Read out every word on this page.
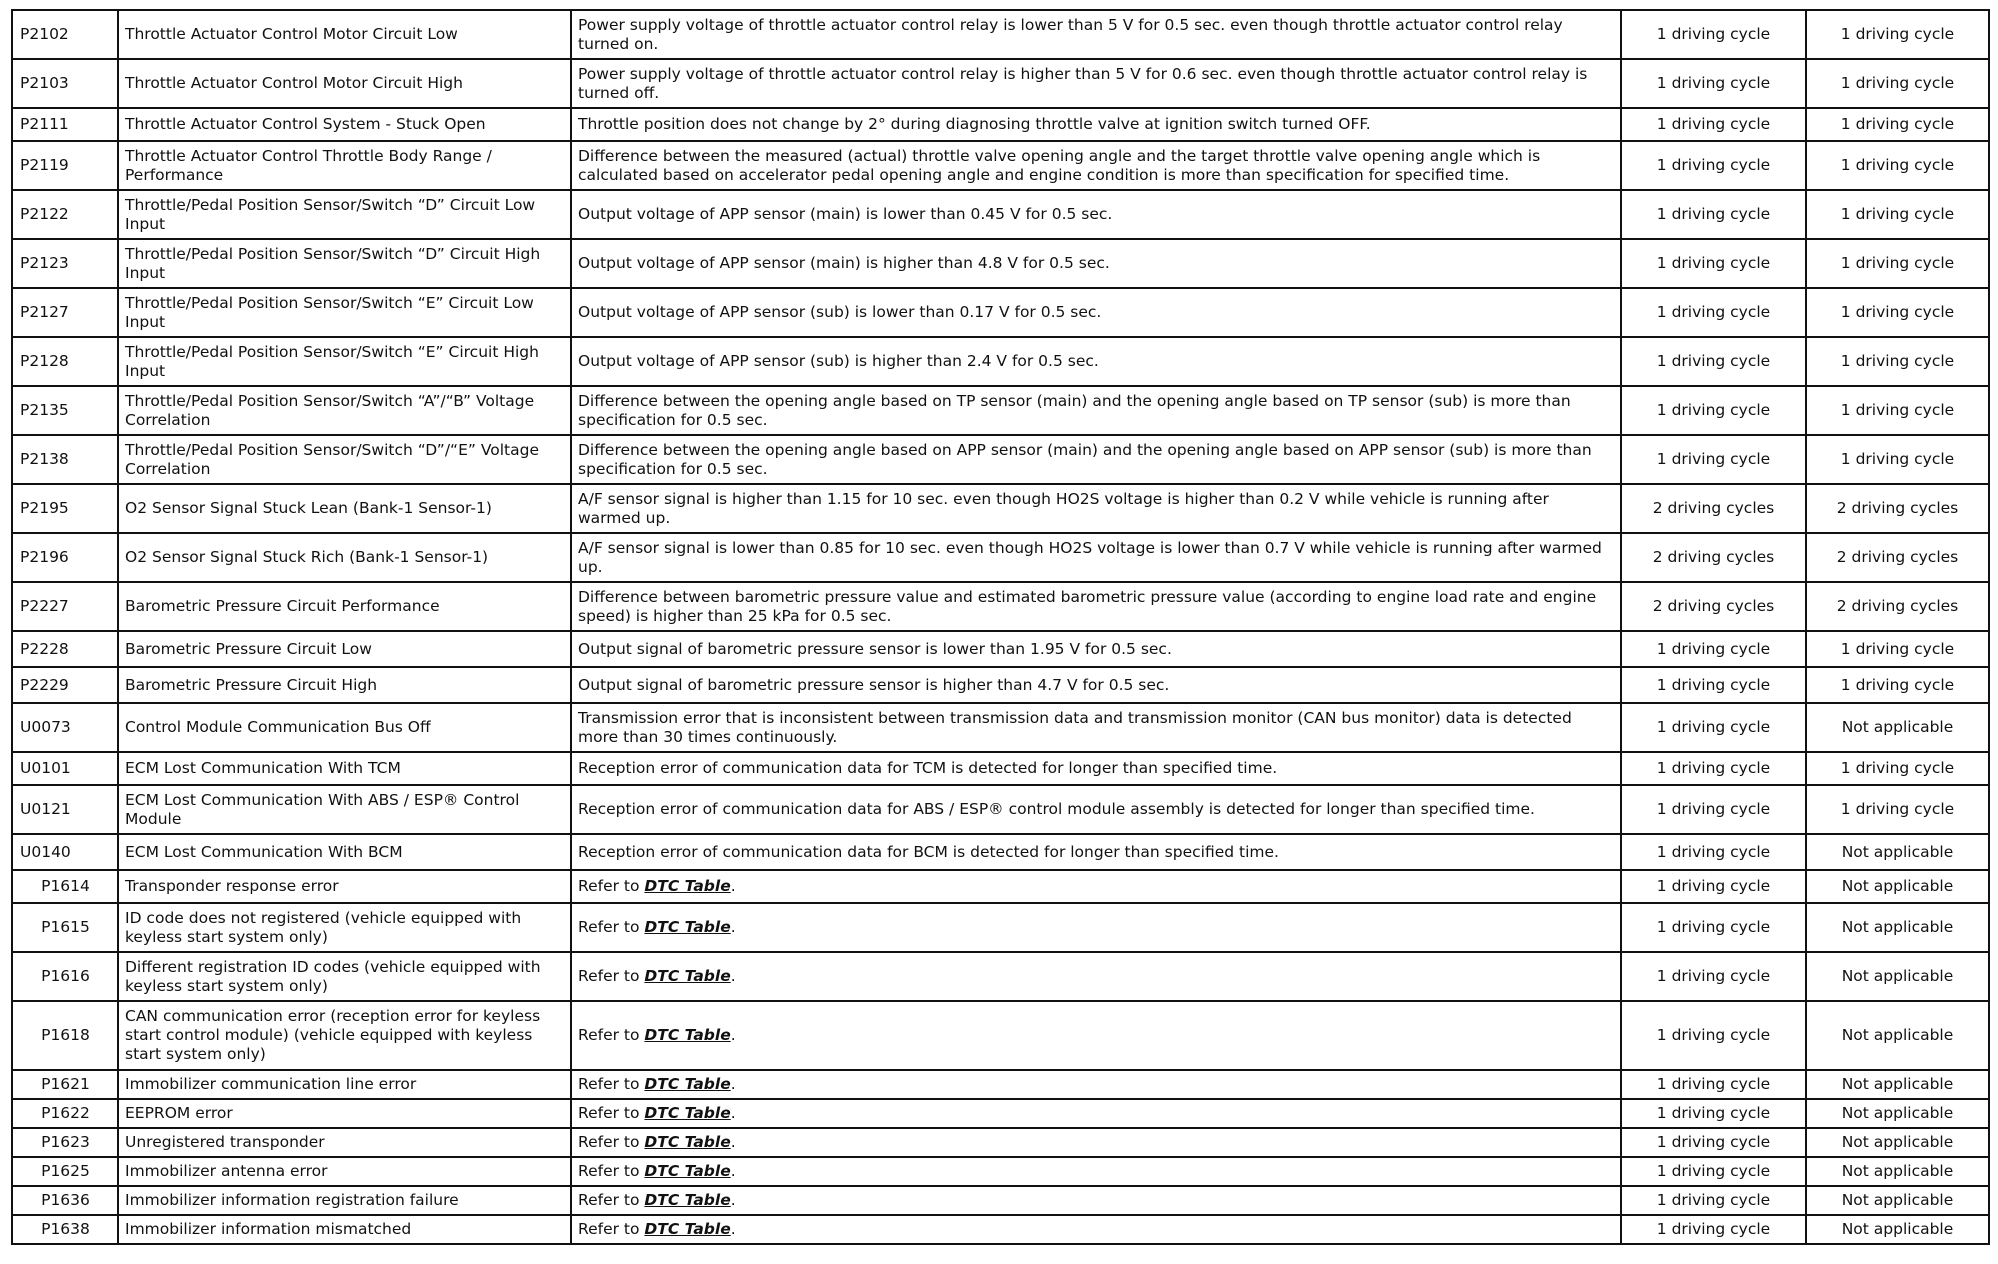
P2102	Throttle Actuator Control Motor Circuit Low	Power supply voltage of throttle actuator control relay is lower than 5 V for 0.5 sec. even though throttle actuator control relay turned on.	1 driving cycle	1 driving cycle
P2103	Throttle Actuator Control Motor Circuit High	Power supply voltage of throttle actuator control relay is higher than 5 V for 0.6 sec. even though throttle actuator control relay is turned off.	1 driving cycle	1 driving cycle
P2111	Throttle Actuator Control System - Stuck Open	Throttle position does not change by 2° during diagnosing throttle valve at ignition switch turned OFF.	1 driving cycle	1 driving cycle
P2119	Throttle Actuator Control Throttle Body Range / Performance	Difference between the measured (actual) throttle valve opening angle and the target throttle valve opening angle which is calculated based on accelerator pedal opening angle and engine condition is more than specification for specified time.	1 driving cycle	1 driving cycle
P2122	Throttle/Pedal Position Sensor/Switch “D” Circuit Low Input	Output voltage of APP sensor (main) is lower than 0.45 V for 0.5 sec.	1 driving cycle	1 driving cycle
P2123	Throttle/Pedal Position Sensor/Switch “D” Circuit High Input	Output voltage of APP sensor (main) is higher than 4.8 V for 0.5 sec.	1 driving cycle	1 driving cycle
P2127	Throttle/Pedal Position Sensor/Switch “E” Circuit Low Input	Output voltage of APP sensor (sub) is lower than 0.17 V for 0.5 sec.	1 driving cycle	1 driving cycle
P2128	Throttle/Pedal Position Sensor/Switch “E” Circuit High Input	Output voltage of APP sensor (sub) is higher than 2.4 V for 0.5 sec.	1 driving cycle	1 driving cycle
P2135	Throttle/Pedal Position Sensor/Switch “A”/“B” Voltage Correlation	Difference between the opening angle based on TP sensor (main) and the opening angle based on TP sensor (sub) is more than specification for 0.5 sec.	1 driving cycle	1 driving cycle
P2138	Throttle/Pedal Position Sensor/Switch “D”/“E” Voltage Correlation	Difference between the opening angle based on APP sensor (main) and the opening angle based on APP sensor (sub) is more than specification for 0.5 sec.	1 driving cycle	1 driving cycle
P2195	O2 Sensor Signal Stuck Lean (Bank-1 Sensor-1)	A/F sensor signal is higher than 1.15 for 10 sec. even though HO2S voltage is higher than 0.2 V while vehicle is running after warmed up.	2 driving cycles	2 driving cycles
P2196	O2 Sensor Signal Stuck Rich (Bank-1 Sensor-1)	A/F sensor signal is lower than 0.85 for 10 sec. even though HO2S voltage is lower than 0.7 V while vehicle is running after warmed up.	2 driving cycles	2 driving cycles
P2227	Barometric Pressure Circuit Performance	Difference between barometric pressure value and estimated barometric pressure value (according to engine load rate and engine speed) is higher than 25 kPa for 0.5 sec.	2 driving cycles	2 driving cycles
P2228	Barometric Pressure Circuit Low	Output signal of barometric pressure sensor is lower than 1.95 V for 0.5 sec.	1 driving cycle	1 driving cycle
P2229	Barometric Pressure Circuit High	Output signal of barometric pressure sensor is higher than 4.7 V for 0.5 sec.	1 driving cycle	1 driving cycle
U0073	Control Module Communication Bus Off	Transmission error that is inconsistent between transmission data and transmission monitor (CAN bus monitor) data is detected more than 30 times continuously.	1 driving cycle	Not applicable
U0101	ECM Lost Communication With TCM	Reception error of communication data for TCM is detected for longer than specified time.	1 driving cycle	1 driving cycle
U0121	ECM Lost Communication With ABS / ESP® Control Module	Reception error of communication data for ABS / ESP® control module assembly is detected for longer than specified time.	1 driving cycle	1 driving cycle
U0140	ECM Lost Communication With BCM	Reception error of communication data for BCM is detected for longer than specified time.	1 driving cycle	Not applicable
P1614	Transponder response error	Refer to DTC Table.	1 driving cycle	Not applicable
P1615	ID code does not registered (vehicle equipped with keyless start system only)	Refer to DTC Table.	1 driving cycle	Not applicable
P1616	Different registration ID codes (vehicle equipped with keyless start system only)	Refer to DTC Table.	1 driving cycle	Not applicable
P1618	CAN communication error (reception error for keyless start control module) (vehicle equipped with keyless start system only)	Refer to DTC Table.	1 driving cycle	Not applicable
P1621	Immobilizer communication line error	Refer to DTC Table.	1 driving cycle	Not applicable
P1622	EEPROM error	Refer to DTC Table.	1 driving cycle	Not applicable
P1623	Unregistered transponder	Refer to DTC Table.	1 driving cycle	Not applicable
P1625	Immobilizer antenna error	Refer to DTC Table.	1 driving cycle	Not applicable
P1636	Immobilizer information registration failure	Refer to DTC Table.	1 driving cycle	Not applicable
P1638	Immobilizer information mismatched	Refer to DTC Table.	1 driving cycle	Not applicable
